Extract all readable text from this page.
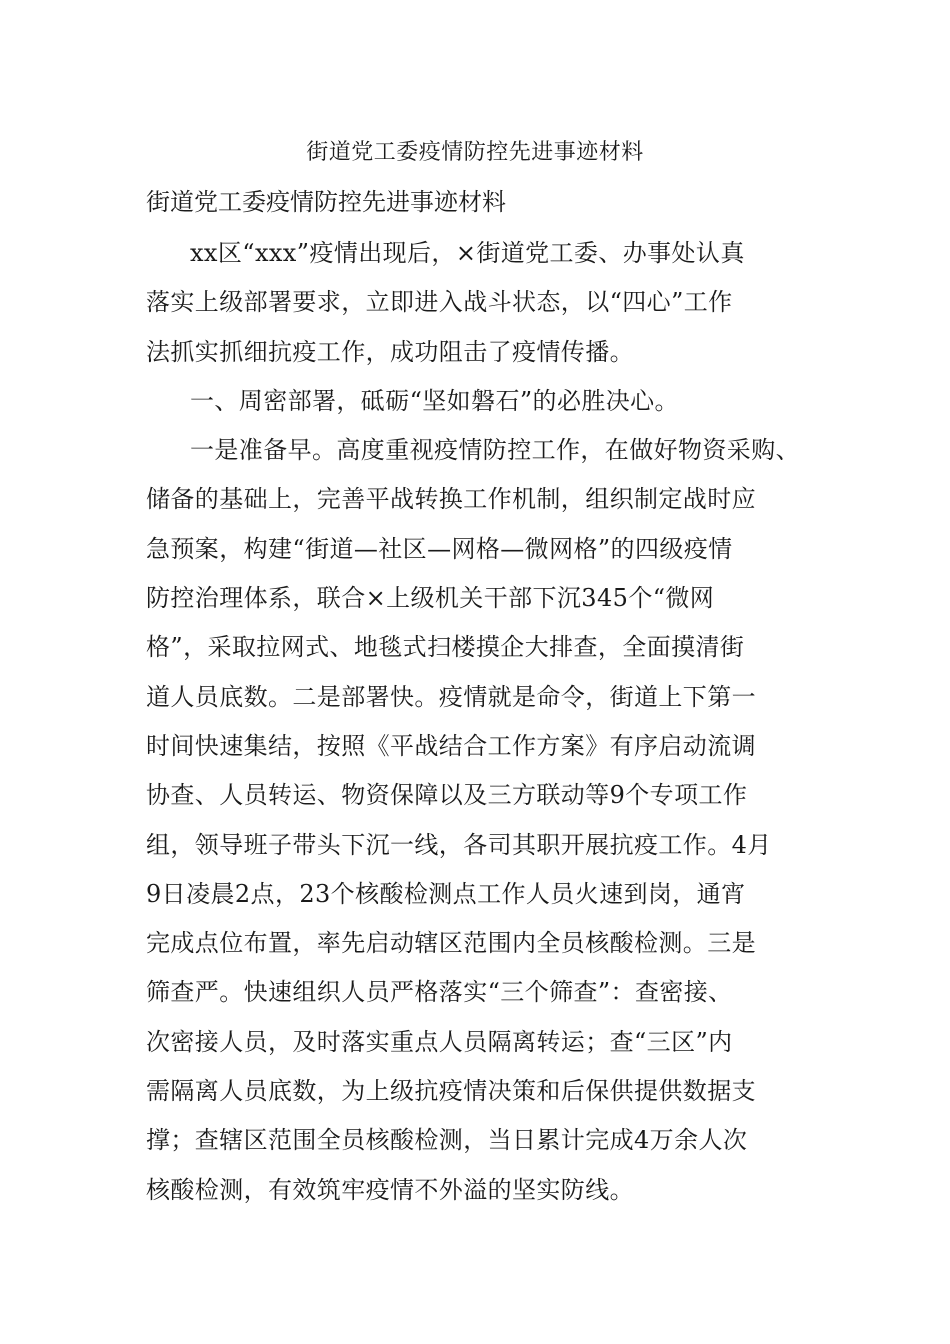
街道党工委疫情防控先进事迹材料
街道党工委疫情防控先进事迹材料
xx区“xxx”疫情出现后，×街道党工委、办事处认真
落实上级部署要求，立即进入战斗状态，以“四心”工作
法抓实抓细抗疫工作，成功阻击了疫情传播。
一、周密部署，砥砺“坚如磐石”的必胜决心。
一是准备早。高度重视疫情防控工作，在做好物资采购、
储备的基础上，完善平战转换工作机制，组织制定战时应
急预案，构建“街道—社区—网格—微网格”的四级疫情
防控治理体系，联合×上级机关干部下沉345个“微网
格”，采取拉网式、地毯式扫楼摸企大排查，全面摸清街
道人员底数。二是部署快。疫情就是命令，街道上下第一
时间快速集结，按照《平战结合工作方案》有序启动流调
协查、人员转运、物资保障以及三方联动等9个专项工作
组，领导班子带头下沉一线，各司其职开展抗疫工作。4月
9日凌晨2点，23个核酸检测点工作人员火速到岗，通宵
完成点位布置，率先启动辖区范围内全员核酸检测。三是
筛查严。快速组织人员严格落实“三个筛查”：查密接、
次密接人员，及时落实重点人员隔离转运；查“三区”内
需隔离人员底数，为上级抗疫情决策和后保供提供数据支
撑；查辖区范围全员核酸检测，当日累计完成4万余人次
核酸检测，有效筑牢疫情不外溢的坚实防线。
